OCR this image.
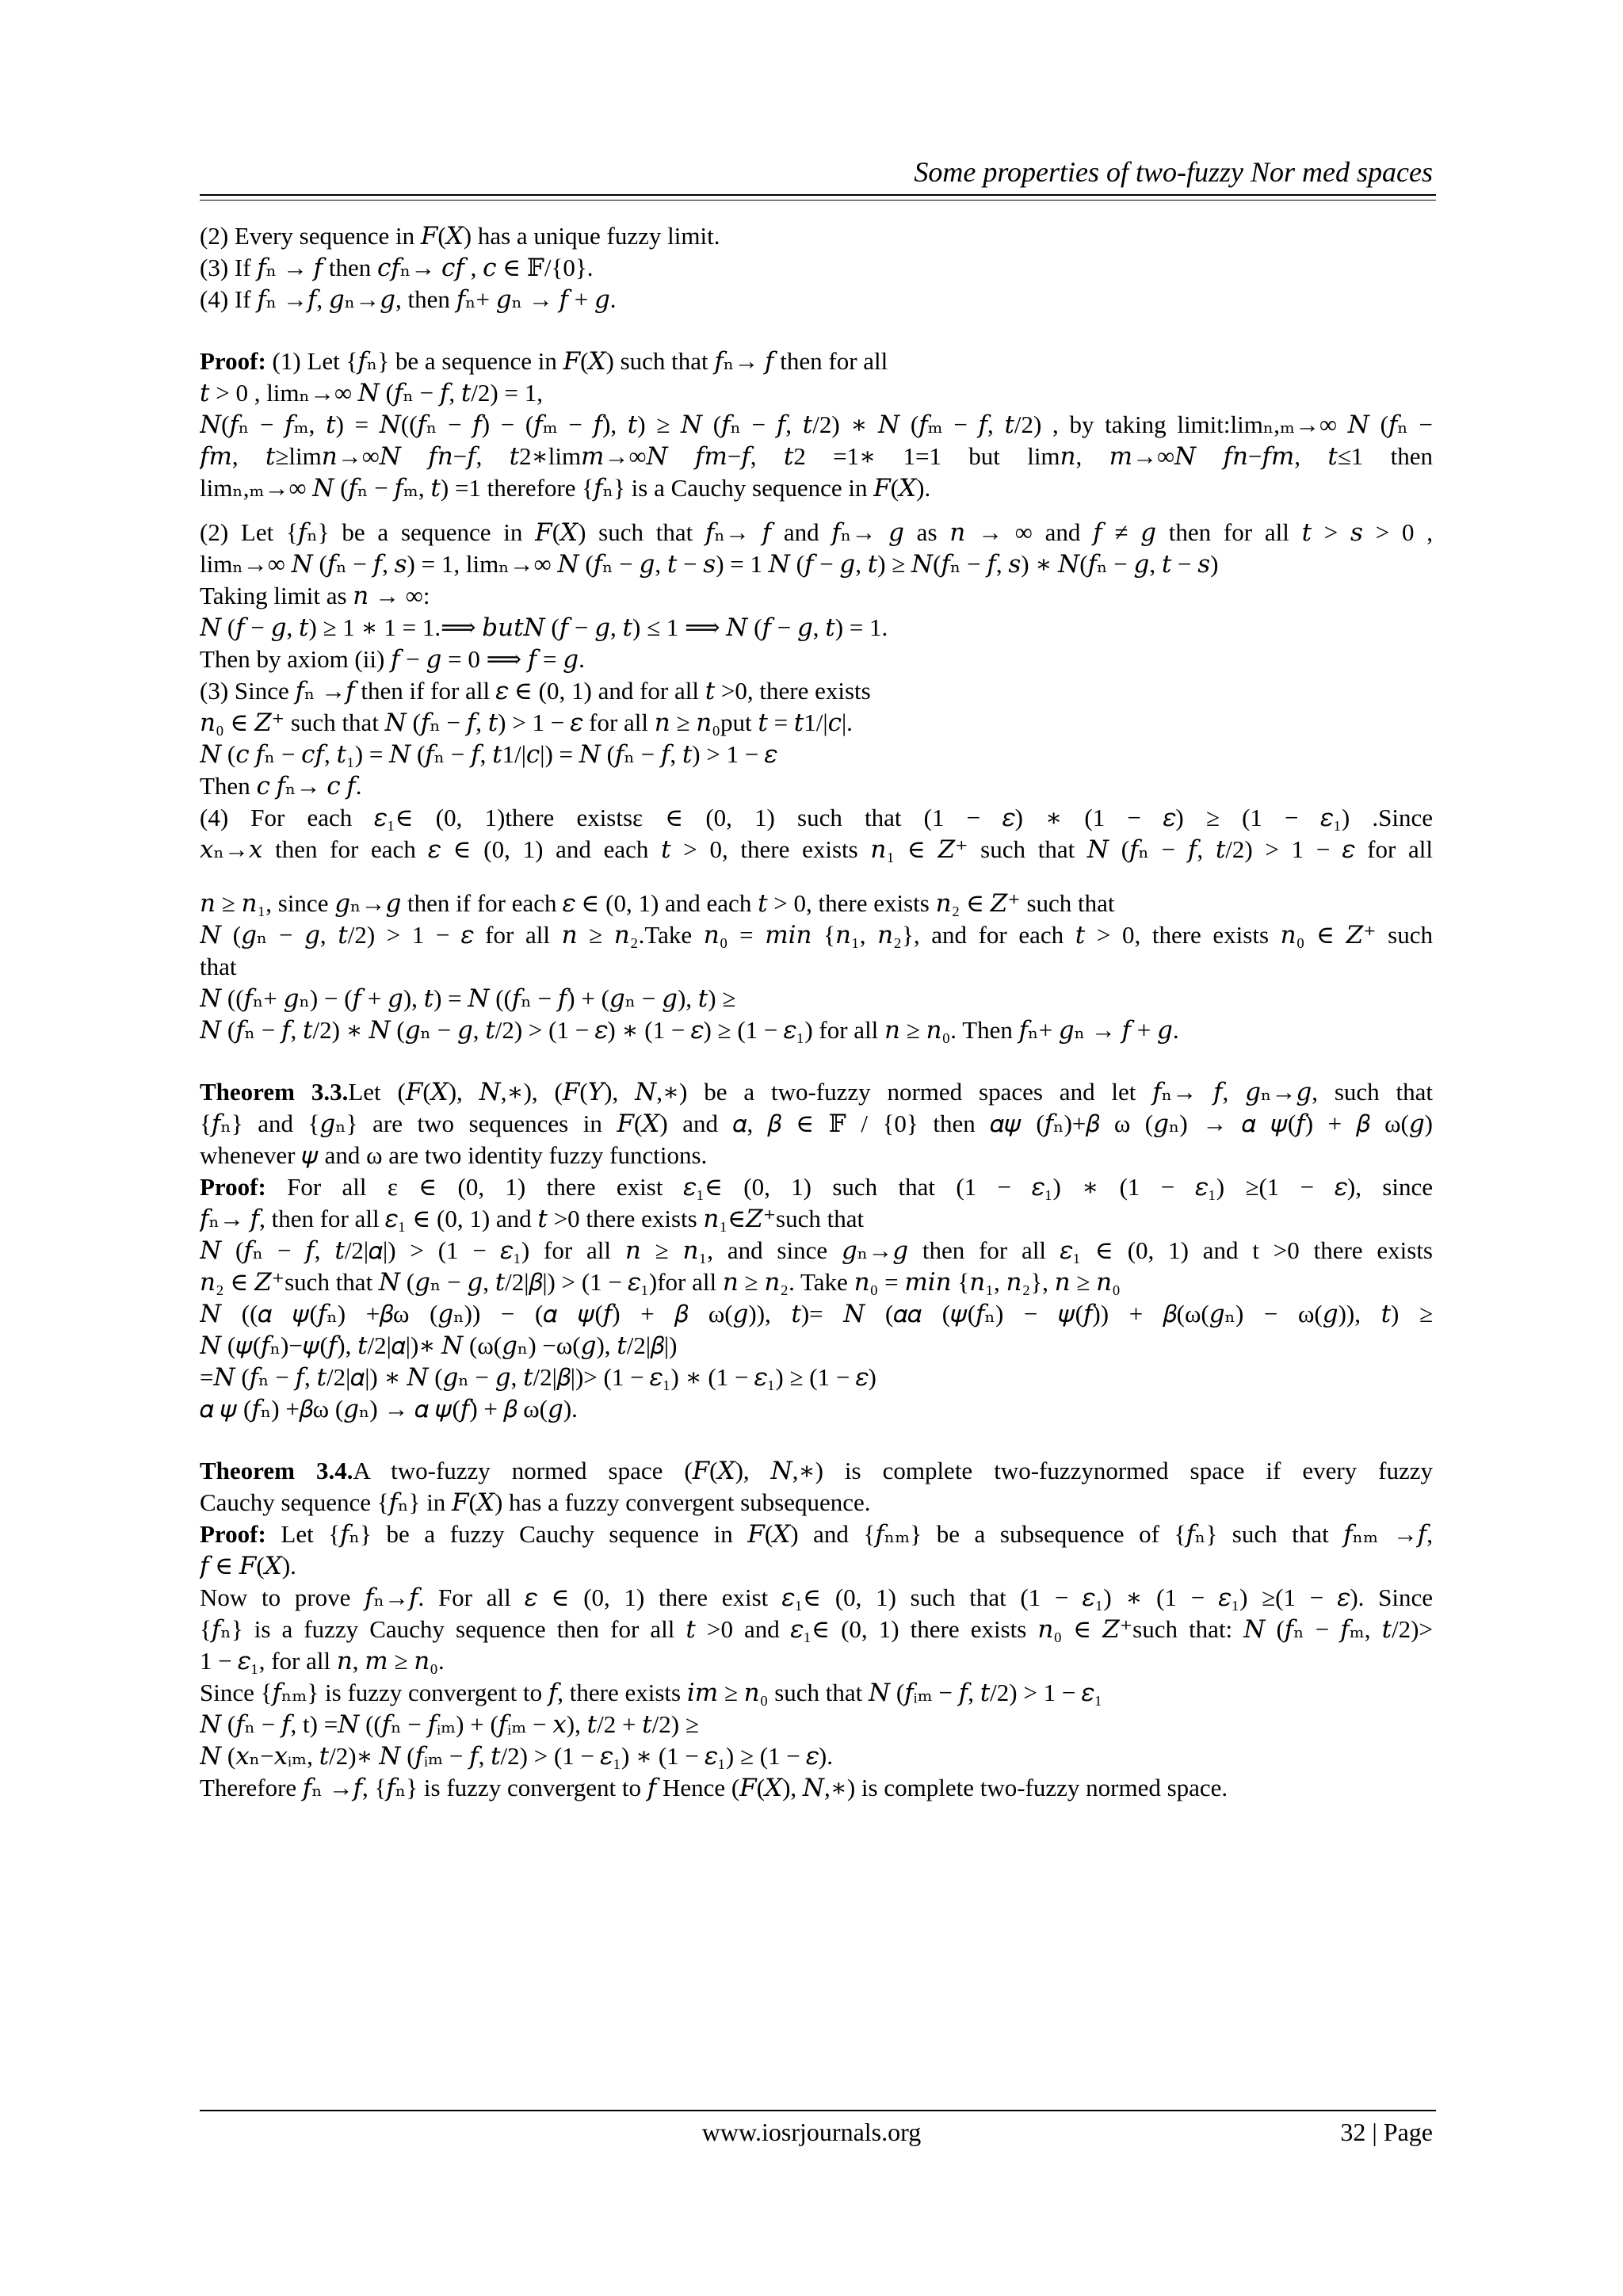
Some properties of two-fuzzy Nor med spaces
(2) Every sequence in 𝐹(𝑋) has a unique fuzzy limit.
(3) If 𝑓ₙ → 𝑓 then 𝑐𝑓ₙ→ 𝑐𝑓 , 𝑐 ∈ 𝔽/{0}.
(4) If 𝑓ₙ →𝑓, 𝑔ₙ→𝑔, then 𝑓ₙ+ 𝑔ₙ → 𝑓 + 𝑔.
Proof: (1) Let {𝑓ₙ} be a sequence in 𝐹(𝑋) such that 𝑓ₙ→ 𝑓 then for all
𝑡 > 0 , limₙ→∞ 𝑁 (𝑓ₙ − 𝑓, 𝑡/2) = 1,
𝑁(𝑓ₙ − 𝑓ₘ, 𝑡) = 𝑁((𝑓ₙ − 𝑓) − (𝑓ₘ − 𝑓), 𝑡) ≥ 𝑁 (𝑓ₙ − 𝑓, 𝑡/2) ∗ 𝑁 (𝑓ₘ − 𝑓, 𝑡/2) , by taking limit:limₙ,ₘ→∞ 𝑁 (𝑓ₙ −
𝑓𝑚, 𝑡≥lim𝑛→∞𝑁 𝑓𝑛−𝑓, 𝑡2∗lim𝑚→∞𝑁 𝑓𝑚−𝑓, 𝑡2 =1∗ 1=1 but lim𝑛, 𝑚→∞𝑁 𝑓𝑛−𝑓𝑚, 𝑡≤1 then
limₙ,ₘ→∞ 𝑁 (𝑓ₙ − 𝑓ₘ, 𝑡) =1 therefore {𝑓ₙ} is a Cauchy sequence in 𝐹(𝑋).
(2) Let {𝑓ₙ} be a sequence in 𝐹(𝑋) such that 𝑓ₙ→ 𝑓 and 𝑓ₙ→ 𝑔 as 𝑛 → ∞ and 𝑓 ≠ 𝑔 then for all 𝑡 > 𝑠 > 0 ,
limₙ→∞ 𝑁 (𝑓ₙ − 𝑓, 𝑠) = 1, limₙ→∞ 𝑁 (𝑓ₙ − 𝑔, 𝑡 − 𝑠) = 1 𝑁 (𝑓 − 𝑔, 𝑡) ≥ 𝑁(𝑓ₙ − 𝑓, 𝑠) ∗ 𝑁(𝑓ₙ − 𝑔, 𝑡 − 𝑠)
Taking limit as 𝑛 → ∞:
𝑁 (𝑓 − 𝑔, 𝑡) ≥ 1 ∗ 1 = 1.⟹ 𝑏𝑢𝑡𝑁 (𝑓 − 𝑔, 𝑡) ≤ 1 ⟹ 𝑁 (𝑓 − 𝑔, 𝑡) = 1.
Then by axiom (ii) 𝑓 − 𝑔 = 0 ⟹ 𝑓 = 𝑔.
(3) Since 𝑓ₙ →𝑓 then if for all 𝜀 ∈ (0, 1) and for all 𝑡 >0, there exists
𝑛₀ ∈ 𝑍⁺ such that 𝑁 (𝑓ₙ − 𝑓, 𝑡) > 1 − 𝜀 for all 𝑛 ≥ 𝑛₀put 𝑡 = 𝑡1/|𝑐|.
𝑁 (𝑐 𝑓ₙ − 𝑐𝑓, 𝑡₁) = 𝑁 (𝑓ₙ − 𝑓, 𝑡1/|𝑐|) = 𝑁 (𝑓ₙ − 𝑓, 𝑡) > 1 − 𝜀
Then 𝑐 𝑓ₙ→ 𝑐 𝑓.
(4) For each 𝜀₁∈ (0, 1)there existsε ∈ (0, 1) such that (1 − 𝜀) ∗ (1 − 𝜀) ≥ (1 − 𝜀₁) .Since
𝑥ₙ→𝑥 then for each 𝜀 ∈ (0, 1) and each 𝑡 > 0, there exists 𝑛₁ ∈ 𝑍⁺ such that 𝑁 (𝑓ₙ − 𝑓, 𝑡/2) > 1 − 𝜀 for all
𝑛 ≥ 𝑛₁, since 𝑔ₙ→𝑔 then if for each 𝜀 ∈ (0, 1) and each 𝑡 > 0, there exists 𝑛₂ ∈ 𝑍⁺ such that
𝑁 (𝑔ₙ − 𝑔, 𝑡/2) > 1 − 𝜀 for all 𝑛 ≥ 𝑛₂.Take 𝑛₀ = 𝑚𝑖𝑛 {𝑛₁, 𝑛₂}, and for each 𝑡 > 0, there exists 𝑛₀ ∈ 𝑍⁺ such
that
𝑁 ((𝑓ₙ+ 𝑔ₙ) − (𝑓 + 𝑔), 𝑡) = 𝑁 ((𝑓ₙ − 𝑓) + (𝑔ₙ − 𝑔), 𝑡) ≥
𝑁 (𝑓ₙ − 𝑓, 𝑡/2) ∗ 𝑁 (𝑔ₙ − 𝑔, 𝑡/2) > (1 − 𝜀) ∗ (1 − 𝜀) ≥ (1 − 𝜀₁) for all 𝑛 ≥ 𝑛₀. Then 𝑓ₙ+ 𝑔ₙ → 𝑓 + 𝑔.
Theorem 3.3.Let (𝐹(𝑋), 𝑁,∗), (𝐹(𝑌), 𝑁,∗) be a two-fuzzy normed spaces and let 𝑓ₙ→ 𝑓, 𝑔ₙ→𝑔, such that
{𝑓ₙ} and {𝑔ₙ} are two sequences in 𝐹(𝑋) and 𝛼, 𝛽 ∈ 𝔽 / {0} then 𝛼𝜓 (𝑓ₙ)+𝛽 ω (𝑔ₙ) → 𝛼 𝜓(𝑓) + 𝛽 ω(𝑔)
whenever 𝜓 and ω are two identity fuzzy functions.
Proof: For all ε ∈ (0, 1) there exist 𝜀₁∈ (0, 1) such that (1 − 𝜀₁) ∗ (1 − 𝜀₁) ≥(1 − 𝜀), since
𝑓ₙ→ 𝑓, then for all 𝜀₁ ∈ (0, 1) and 𝑡 >0 there exists 𝑛₁∈𝑍⁺such that
𝑁 (𝑓ₙ − 𝑓, 𝑡/2|𝛼|) > (1 − 𝜀₁) for all 𝑛 ≥ 𝑛₁, and since 𝑔ₙ→𝑔 then for all 𝜀₁ ∈ (0, 1) and t >0 there exists
𝑛₂ ∈ 𝑍⁺such that 𝑁 (𝑔ₙ − 𝑔, 𝑡/2|𝛽|) > (1 − 𝜀₁)for all 𝑛 ≥ 𝑛₂. Take 𝑛₀ = 𝑚𝑖𝑛 {𝑛₁, 𝑛₂}, 𝑛 ≥ 𝑛₀
𝑁 ((𝛼 𝜓(𝑓ₙ) +𝛽ω (𝑔ₙ)) − (𝛼 𝜓(𝑓) + 𝛽 ω(𝑔)), 𝑡)= 𝑁 (𝛼𝛼 (𝜓(𝑓ₙ) − 𝜓(𝑓)) + 𝛽(ω(𝑔ₙ) − ω(𝑔)), 𝑡) ≥
𝑁 (𝜓(𝑓ₙ)−𝜓(𝑓), 𝑡/2|𝛼|)∗ 𝑁 (ω(𝑔ₙ) −ω(𝑔), 𝑡/2|𝛽|)
=𝑁 (𝑓ₙ − 𝑓, 𝑡/2|𝛼|) ∗ 𝑁 (𝑔ₙ − 𝑔, 𝑡/2|𝛽|)> (1 − 𝜀₁) ∗ (1 − 𝜀₁) ≥ (1 − 𝜀)
𝛼 𝜓 (𝑓ₙ) +𝛽ω (𝑔ₙ) → 𝛼 𝜓(𝑓) + 𝛽 ω(𝑔).
Theorem 3.4.A two-fuzzy normed space (𝐹(𝑋), 𝑁,∗) is complete two-fuzzynormed space if every fuzzy
Cauchy sequence {𝑓ₙ} in 𝐹(𝑋) has a fuzzy convergent subsequence.
Proof: Let {𝑓ₙ} be a fuzzy Cauchy sequence in 𝐹(𝑋) and {𝑓ₙₘ} be a subsequence of {𝑓ₙ} such that 𝑓ₙₘ →𝑓,
𝑓 ∈ 𝐹(𝑋).
Now to prove 𝑓ₙ→𝑓. For all 𝜀 ∈ (0, 1) there exist 𝜀₁∈ (0, 1) such that (1 − 𝜀₁) ∗ (1 − 𝜀₁) ≥(1 − 𝜀). Since
{𝑓ₙ} is a fuzzy Cauchy sequence then for all 𝑡 >0 and 𝜀₁∈ (0, 1) there exists 𝑛₀ ∈ 𝑍⁺such that: 𝑁 (𝑓ₙ − 𝑓ₘ, 𝑡/2)>
1 − 𝜀₁, for all 𝑛, 𝑚 ≥ 𝑛₀.
Since {𝑓ₙₘ} is fuzzy convergent to 𝑓, there exists 𝑖𝑚 ≥ 𝑛₀ such that 𝑁 (𝑓ᵢₘ − 𝑓, 𝑡/2) > 1 − 𝜀₁
𝑁 (𝑓ₙ − 𝑓, t) =𝑁 ((𝑓ₙ − 𝑓ᵢₘ) + (𝑓ᵢₘ − 𝑥), 𝑡/2 + 𝑡/2) ≥
𝑁 (𝑥ₙ−𝑥ᵢₘ, 𝑡/2)∗ 𝑁 (𝑓ᵢₘ − 𝑓, 𝑡/2) > (1 − 𝜀₁) ∗ (1 − 𝜀₁) ≥ (1 − 𝜀).
Therefore 𝑓ₙ →𝑓, {𝑓ₙ} is fuzzy convergent to 𝑓 Hence (𝐹(𝑋), 𝑁,∗) is complete two-fuzzy normed space.
www.iosrjournals.org	32 | Page
